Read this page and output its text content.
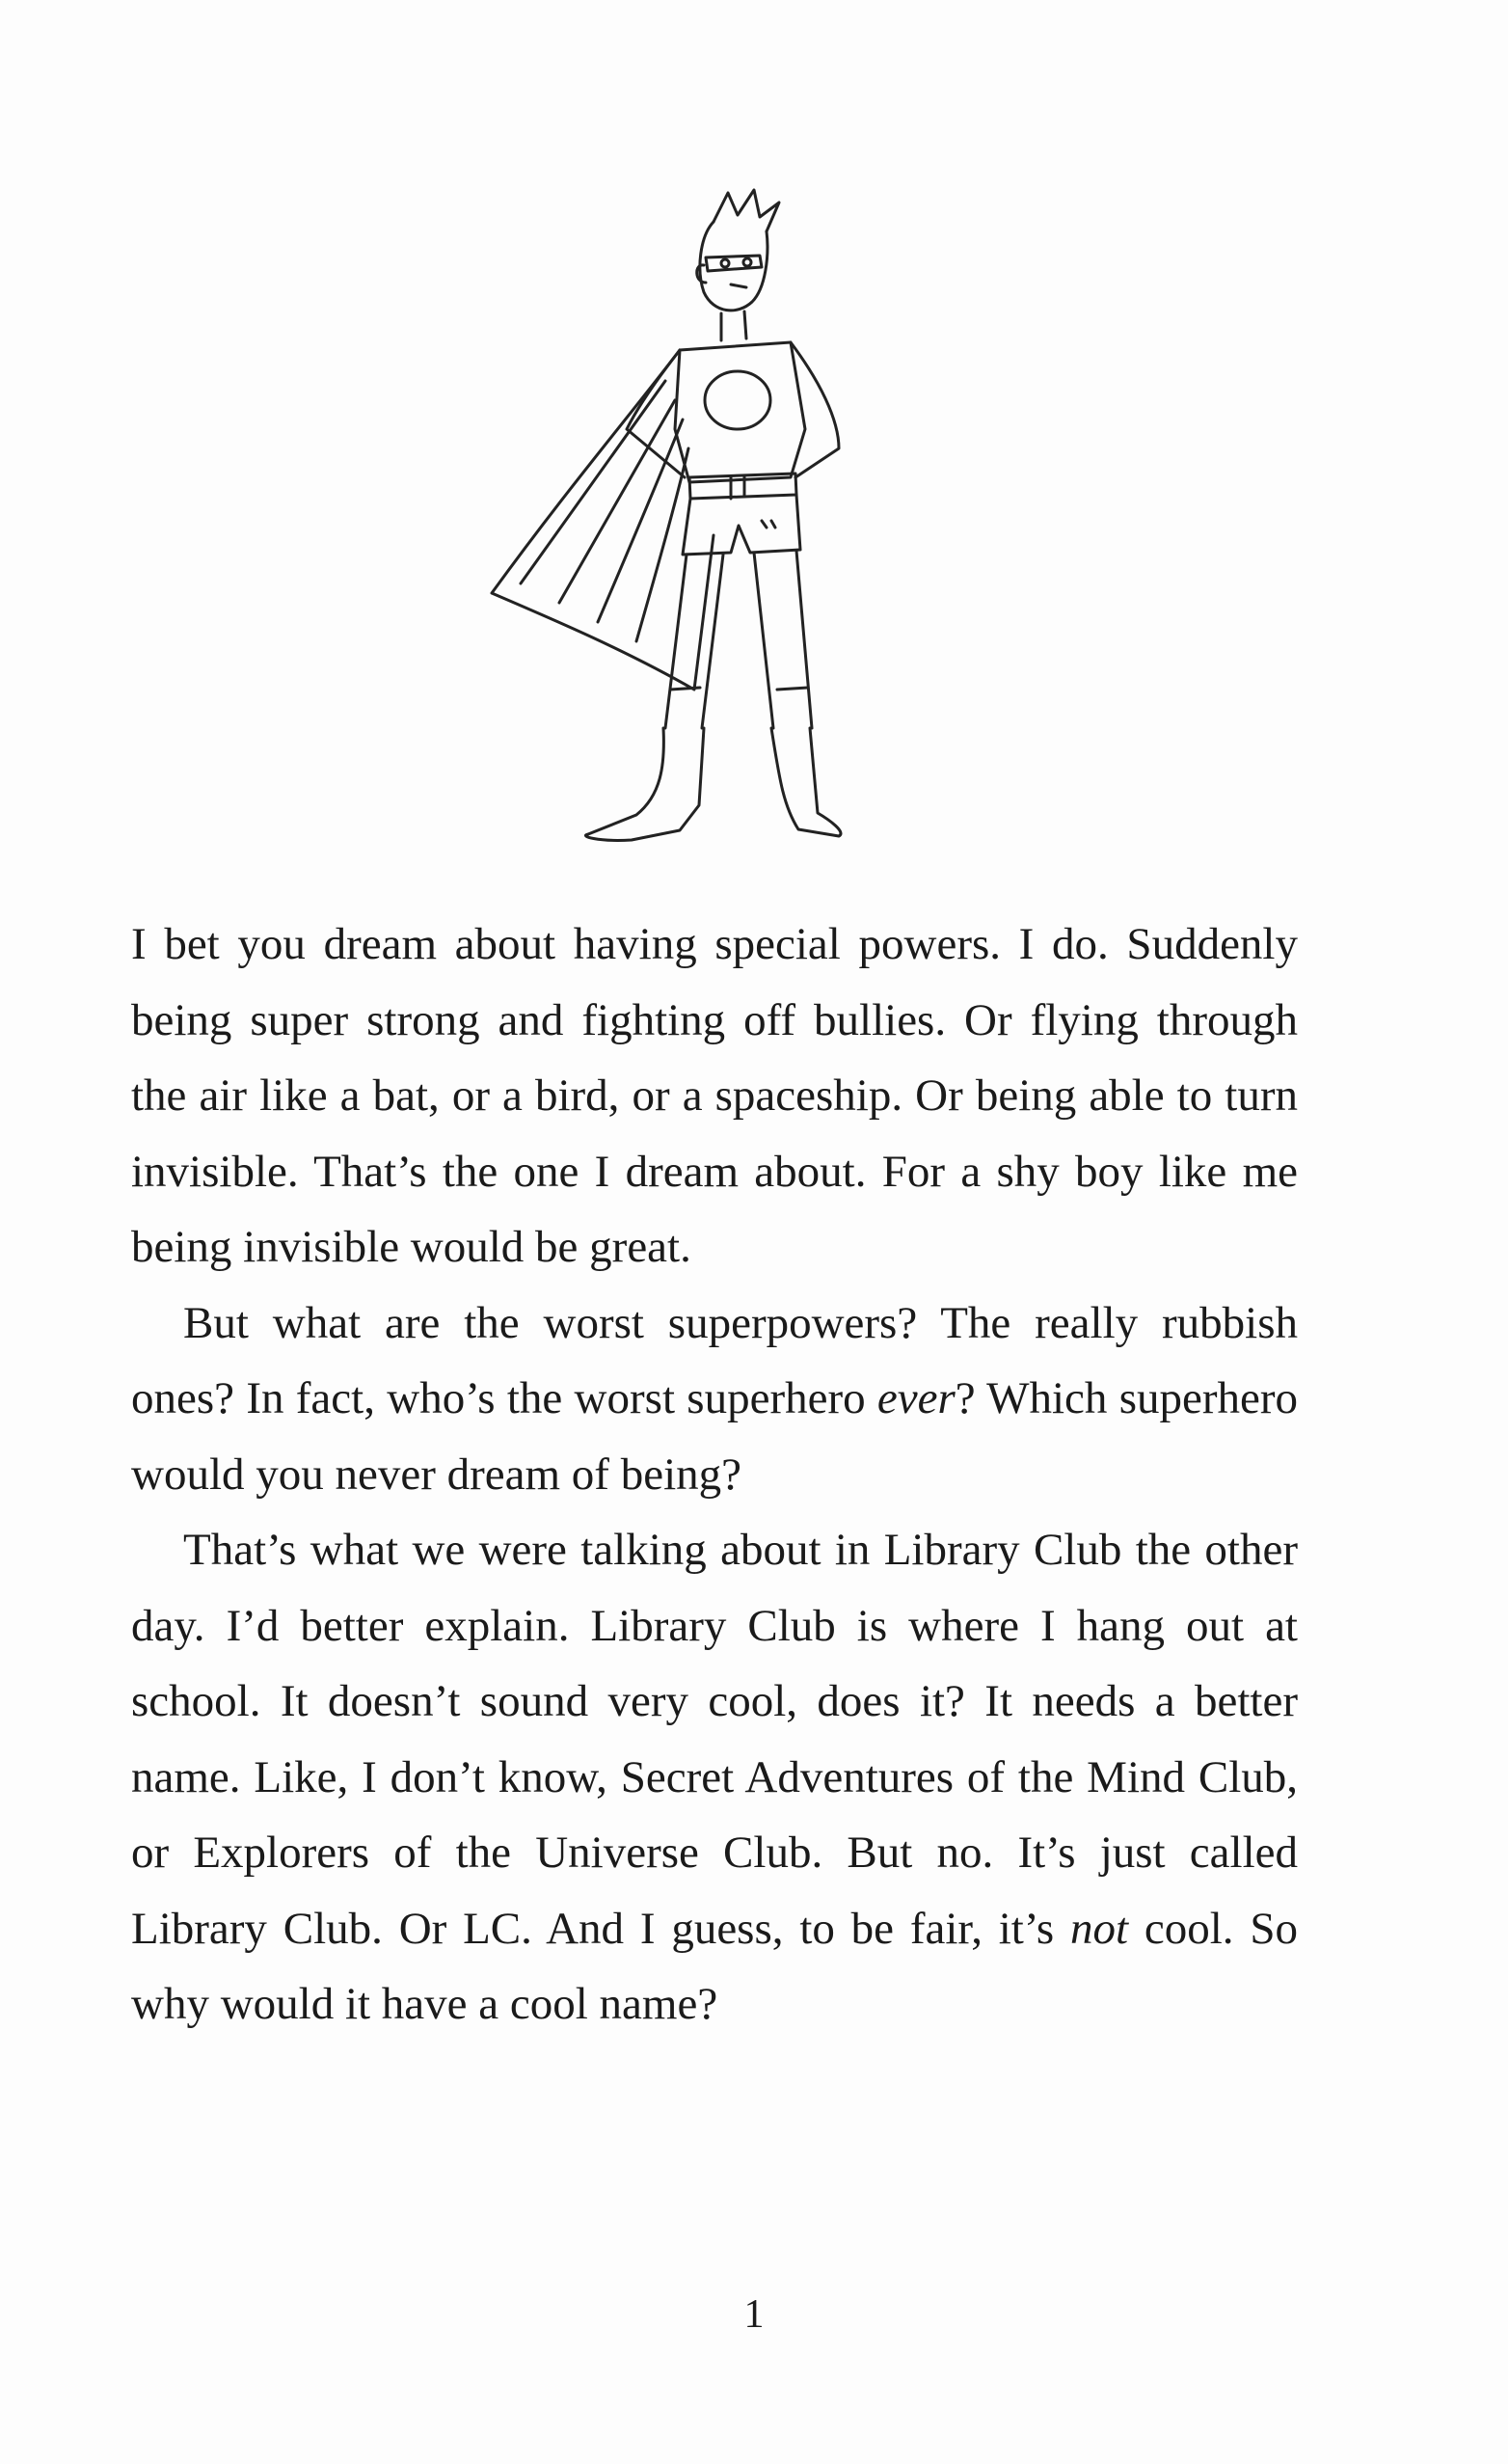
I bet you dream about having special powers. I do. Suddenly being super strong and fighting off bullies. Or flying through the air like a bat, or a bird, or a spaceship. Or being able to turn invisible. That’s the one I dream about. For a shy boy like me being invisible would be great.

But what are the worst superpowers? The really rubbish ones? In fact, who’s the worst superhero ever? Which superhero would you never dream of being?

That’s what we were talking about in Library Club the other day. I’d better explain. Library Club is where I hang out at school. It doesn’t sound very cool, does it? It needs a better name. Like, I don’t know, Secret Adventures of the Mind Club, or Explorers of the Universe Club. But no. It’s just called Library Club. Or LC. And I guess, to be fair, it’s not cool. So why would it have a cool name?

1
